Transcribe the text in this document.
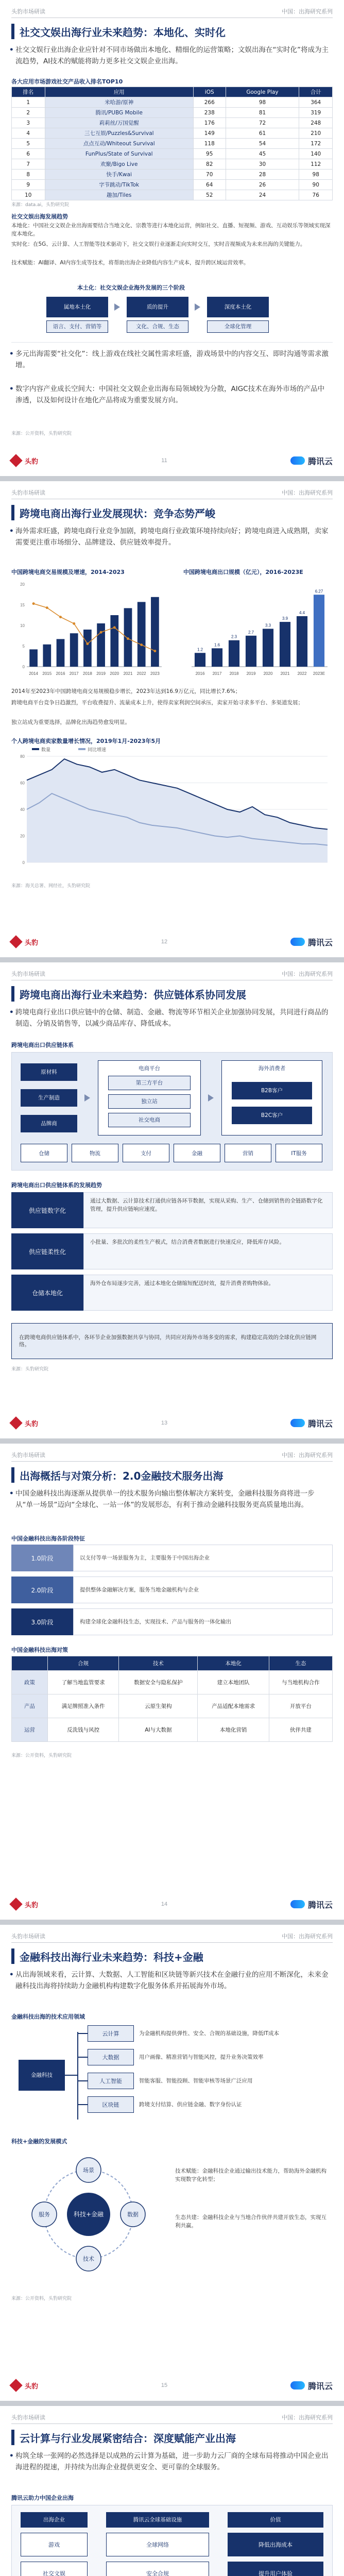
头豹市场研读	中国：出海研究系列
社交文娱出海行业未来趋势：本地化、实时化
• 社交文娱行业出海企业应针对不同市场做出本地化、精细化的运营策略；文娱出海在“实时化”将成为主流趋势，AI技术的赋能将助力更多社交文娱企业出海。
各大应用市场游戏社交产品收入排名TOP10
排名	应用	iOS	Google Play	合计
1	米哈游/原神	266	98	364
2	腾讯/PUBG Mobile	238	81	319
3	莉莉丝/万国觉醒	176	72	248
4	三七互娱/Puzzles&Survival	149	61	210
5	点点互动/Whiteout Survival	118	54	172
6	FunPlus/State of Survival	95	45	140
7	欢聚/Bigo Live	82	30	112
8	快手/Kwai	70	28	98
9	字节跳动/TikTok	64	26	90
10	趣加/Tiles	52	24	76
来源：data.ai，头豹研究院
社交文娱出海发展趋势
本地化：中国社交文娱企业出海需要结合当地文化、宗教等进行本地化运营，例如社交、直播、短视频、游戏、互动娱乐等领域实现深度本地化。
实时化：在5G、云计算、人工智能等技术驱动下，社交文娱行业逐渐走向实时交互，实时音视频成为未来出海的关键能力。
技术赋能：AI翻译、AI内容生成等技术，将帮助出海企业降低内容生产成本，提升跨区域运营效率。
本土化：社交文娱企业海外发展的三个阶段
属地本土化	质的提升	深度本土化
语言、支付、营销等	文化、合规、生态	全球化管理
• 多元出海需要“社交化”：线上游戏在线社交属性需求旺盛，游戏场景中的内容交互、即时沟通等需求激增。
• 数字内容产业成长空间大：中国社交文娱企业出海布局领域较为分散，AIGC技术在海外市场的产品中渗透，以及如何设计在地化产品将成为重要发展方向。
来源：公开资料，头豹研究院
头豹	11	腾讯云
头豹市场研读	中国：出海研究系列
跨境电商出海行业发展现状：竞争态势严峻
• 海外需求旺盛，跨境电商行业竞争加剧，跨境电商行业政策环境持续向好；跨境电商进入成熟期，卖家需要更注重市场细分、品牌建设、供应链效率提升。
中国跨境电商交易规模及增速，2014-2023
2014 2015 2016 2017 2018 2019 2020 2021 2022 2023
0
5
10
15
20
中国跨境电商出口规模（亿元），2016-2023E
1.2
2016
1.6
2017
2.3
2018
2.7
2019
3.3
2020
3.9
2021
4.4
2022
6.27
2023E
2014年至2023年中国跨境电商交易规模稳步增长，2023年达到16.9万亿元，同比增长7.6%；
跨境电商平台竞争日趋激烈，平台收费提升、流量成本上升，使得卖家利润空间承压，卖家开始寻求多平台、多渠道发展；
独立站成为重要选择，品牌化出海趋势愈发明显。
个人跨境电商卖家数量增长情况，2019年1月-2023年5月
0
20
40
60
80
数量	同比增速
来源：海关总署、网经社，头豹研究院
头豹	12	腾讯云
头豹市场研读	中国：出海研究系列
跨境电商出海行业未来趋势：供应链体系协同发展
• 跨境电商行业出口供应链中的仓储、制造、金融、物流等环节相关企业加强协同发展，共同进行商品的制造、分销及销售等，以减少商品库存、降低成本。
跨境电商出口供应链体系
原材料
生产制造
品牌商
电商平台
第三方平台
独立站
社交电商
海外消费者
B2B客户
B2C客户
仓储	物流	支付	金融	营销	IT服务
跨境电商出口供应链体系的发展趋势
供应链数字化
通过大数据、云计算技术打通供应链各环节数据，实现从采购、生产、仓储到销售的全链路数字化管理，提升供应链响应速度。
供应链柔性化
小批量、多批次的柔性生产模式，结合消费者数据进行快速反应，降低库存风险。
仓储本地化
海外仓布局逐步完善，通过本地化仓储缩短配送时效，提升消费者购物体验。
在跨境电商供应链体系中，各环节企业加强数据共享与协同，共同应对海外市场多变的需求，构建稳定高效的全球化供应链网络。
来源：头豹研究院
头豹	13	腾讯云
头豹市场研读	中国：出海研究系列
出海概括与对策分析：2.0金融技术服务出海
• 中国金融科技出海逐渐从提供单一的技术服务向输出整体解决方案转变，金融科技服务商将进一步从“单一场景”迈向“全球化、一站一体”的发展形态，有利于推动金融科技服务更高质量地出海。
中国金融科技出海各阶段特征
1.0阶段	以支付等单一场景服务为主，主要服务于中国出海企业
2.0阶段	提供整体金融解决方案，服务当地金融机构与企业
3.0阶段	构建全球化金融科技生态，实现技术、产品与服务的一体化输出
中国金融科技出海对策
	合规	技术	本地化	生态
政策	了解当地监管要求	数据安全与隐私保护	建立本地团队	与当地机构合作
产品	满足牌照准入条件	云原生架构	产品适配本地需求	开放平台
运营	反洗钱与风控	AI与大数据	本地化营销	伙伴共建
来源：公开资料，头豹研究院
头豹	14	腾讯云
头豹市场研读	中国：出海研究系列
金融科技出海行业未来趋势：科技+金融
• 从出海领域来看，云计算、大数据、人工智能和区块链等新兴技术在金融行业的应用不断深化，未来金融科技出海将持续助力金融机构构建数字化服务体系并拓展海外市场。
金融科技出海的技术应用领域
金融科技
云计算	为金融机构提供弹性、安全、合规的基础设施，降低IT成本
大数据	用户画像、精准营销与智能风控，提升业务决策效率
人工智能	智能客服、智能投顾、智能审核等场景广泛应用
区块链	跨境支付结算、供应链金融、数字身份认证
科技+金融的发展模式
科技+金融
场景
数据
技术
服务
技术赋能：金融科技企业通过输出技术能力，帮助海外金融机构实现数字化转型；
生态共建：金融科技企业与当地合作伙伴共建开放生态，实现互利共赢。
来源：公开资料，头豹研究院
头豹	15	腾讯云
头豹市场研读	中国：出海研究系列
云计算与行业发展紧密结合：深度赋能产业出海
• 构筑全球一张网的必然选择是以成熟的云计算为基础，进一步助力云厂商的全球布局将推动中国企业出海进程的提速，并持续为出海企业提供更安全、更可靠的全球服务。
腾讯云助力中国企业出海
出海企业
游戏
社交文娱
腾讯云全球基础设施
全球网络
安全合规
价值
降低出海成本
提升用户体验
